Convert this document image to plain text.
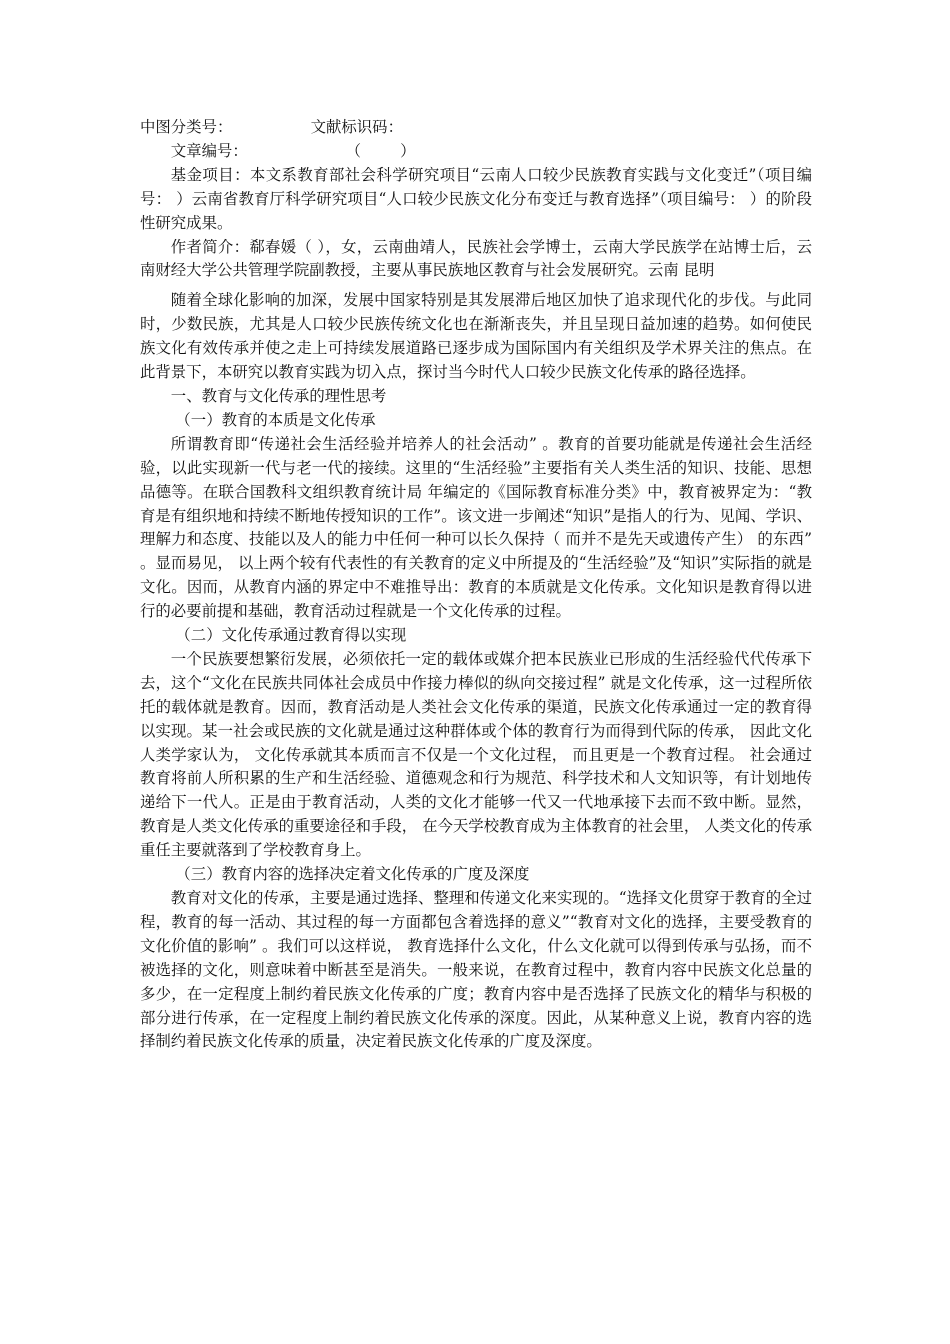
中图分类号：                文献标识码：

文章编号：                    （        ）

基金项目：本文系教育部社会科学研究项目“云南人口较少民族教育实践与文化变迁”（项目编号： ）云南省教育厅科学研究项目“人口较少民族文化分布变迁与教育选择”（项目编号： ）的阶段性研究成果。

作者简介：郗春媛（ ），女，云南曲靖人，民族社会学博士，云南大学民族学在站博士后，云南财经大学公共管理学院副教授，主要从事民族地区教育与社会发展研究。云南 昆明

随着全球化影响的加深，发展中国家特别是其发展滞后地区加快了追求现代化的步伐。与此同时，少数民族，尤其是人口较少民族传统文化也在渐渐丧失，并且呈现日益加速的趋势。如何使民族文化有效传承并使之走上可持续发展道路已逐步成为国际国内有关组织及学术界关注的焦点。在此背景下，本研究以教育实践为切入点，探讨当今时代人口较少民族文化传承的路径选择。

一、教育与文化传承的理性思考

（一）教育的本质是文化传承

所谓教育即“传递社会生活经验并培养人的社会活动” 。教育的首要功能就是传递社会生活经验，以此实现新一代与老一代的接续。这里的“生活经验”主要指有关人类生活的知识、技能、思想品德等。在联合国教科文组织教育统计局 年编定的《国际教育标准分类》中，教育被界定为：“教育是有组织地和持续不断地传授知识的工作”。该文进一步阐述“知识”是指人的行为、见闻、学识、理解力和态度、技能以及人的能力中任何一种可以长久保持（ 而并不是先天或遗传产生） 的东西” 。显而易见， 以上两个较有代表性的有关教育的定义中所提及的“生活经验”及“知识”实际指的就是文化。因而，从教育内涵的界定中不难推导出：教育的本质就是文化传承。文化知识是教育得以进行的必要前提和基础，教育活动过程就是一个文化传承的过程。

（二）文化传承通过教育得以实现

一个民族要想繁衍发展，必须依托一定的载体或媒介把本民族业已形成的生活经验代代传承下去，这个“文化在民族共同体社会成员中作接力棒似的纵向交接过程” 就是文化传承，这一过程所依托的载体就是教育。因而，教育活动是人类社会文化传承的渠道，民族文化传承通过一定的教育得以实现。某一社会或民族的文化就是通过这种群体或个体的教育行为而得到代际的传承， 因此文化人类学家认为， 文化传承就其本质而言不仅是一个文化过程， 而且更是一个教育过程。 社会通过教育将前人所积累的生产和生活经验、道德观念和行为规范、科学技术和人文知识等，有计划地传递给下一代人。正是由于教育活动，人类的文化才能够一代又一代地承接下去而不致中断。显然，教育是人类文化传承的重要途径和手段， 在今天学校教育成为主体教育的社会里， 人类文化的传承重任主要就落到了学校教育身上。

（三）教育内容的选择决定着文化传承的广度及深度

教育对文化的传承，主要是通过选择、整理和传递文化来实现的。“选择文化贯穿于教育的全过程，教育的每一活动、其过程的每一方面都包含着选择的意义”“教育对文化的选择，主要受教育的文化价值的影响” 。我们可以这样说， 教育选择什么文化，什么文化就可以得到传承与弘扬，而不被选择的文化，则意味着中断甚至是消失。一般来说，在教育过程中，教育内容中民族文化总量的多少，在一定程度上制约着民族文化传承的广度；教育内容中是否选择了民族文化的精华与积极的部分进行传承，在一定程度上制约着民族文化传承的深度。因此，从某种意义上说，教育内容的选择制约着民族文化传承的质量，决定着民族文化传承的广度及深度。
